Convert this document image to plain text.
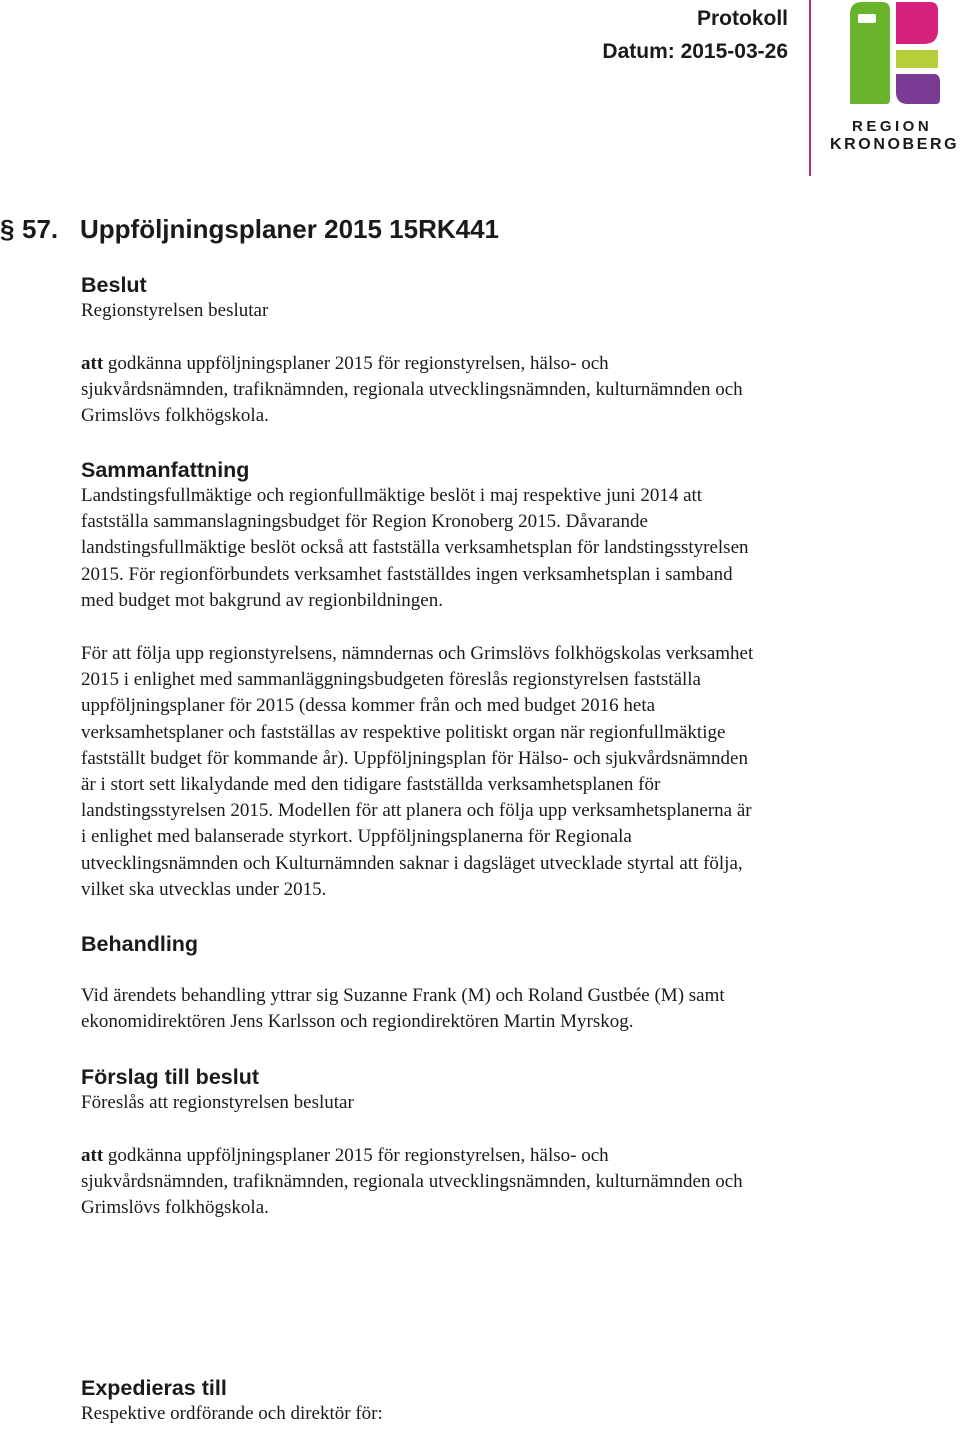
Protokoll
Datum: 2015-03-26
REGION
KRONOBERG
§ 57. Uppföljningsplaner 2015 15RK441
Beslut
Regionstyrelsen beslutar
att godkänna uppföljningsplaner 2015 för regionstyrelsen, hälso- och
sjukvårdsnämnden, trafiknämnden, regionala utvecklingsnämnden, kulturnämnden och
Grimslövs folkhögskola.
Sammanfattning
Landstingsfullmäktige och regionfullmäktige beslöt i maj respektive juni 2014 att
fastställa sammanslagningsbudget för Region Kronoberg 2015. Dåvarande
landstingsfullmäktige beslöt också att fastställa verksamhetsplan för landstingsstyrelsen
2015. För regionförbundets verksamhet fastställdes ingen verksamhetsplan i samband
med budget mot bakgrund av regionbildningen.
För att följa upp regionstyrelsens, nämndernas och Grimslövs folkhögskolas verksamhet
2015 i enlighet med sammanläggningsbudgeten föreslås regionstyrelsen fastställa
uppföljningsplaner för 2015 (dessa kommer från och med budget 2016 heta
verksamhetsplaner och fastställas av respektive politiskt organ när regionfullmäktige
fastställt budget för kommande år). Uppföljningsplan för Hälso- och sjukvårdsnämnden
är i stort sett likalydande med den tidigare fastställda verksamhetsplanen för
landstingsstyrelsen 2015. Modellen för att planera och följa upp verksamhetsplanerna är
i enlighet med balanserade styrkort. Uppföljningsplanerna för Regionala
utvecklingsnämnden och Kulturnämnden saknar i dagsläget utvecklade styrtal att följa,
vilket ska utvecklas under 2015.
Behandling
Vid ärendets behandling yttrar sig Suzanne Frank (M) och Roland Gustbée (M) samt
ekonomidirektören Jens Karlsson och regiondirektören Martin Myrskog.
Förslag till beslut
Föreslås att regionstyrelsen beslutar
att godkänna uppföljningsplaner 2015 för regionstyrelsen, hälso- och
sjukvårdsnämnden, trafiknämnden, regionala utvecklingsnämnden, kulturnämnden och
Grimslövs folkhögskola.
Expedieras till
Respektive ordförande och direktör för:
